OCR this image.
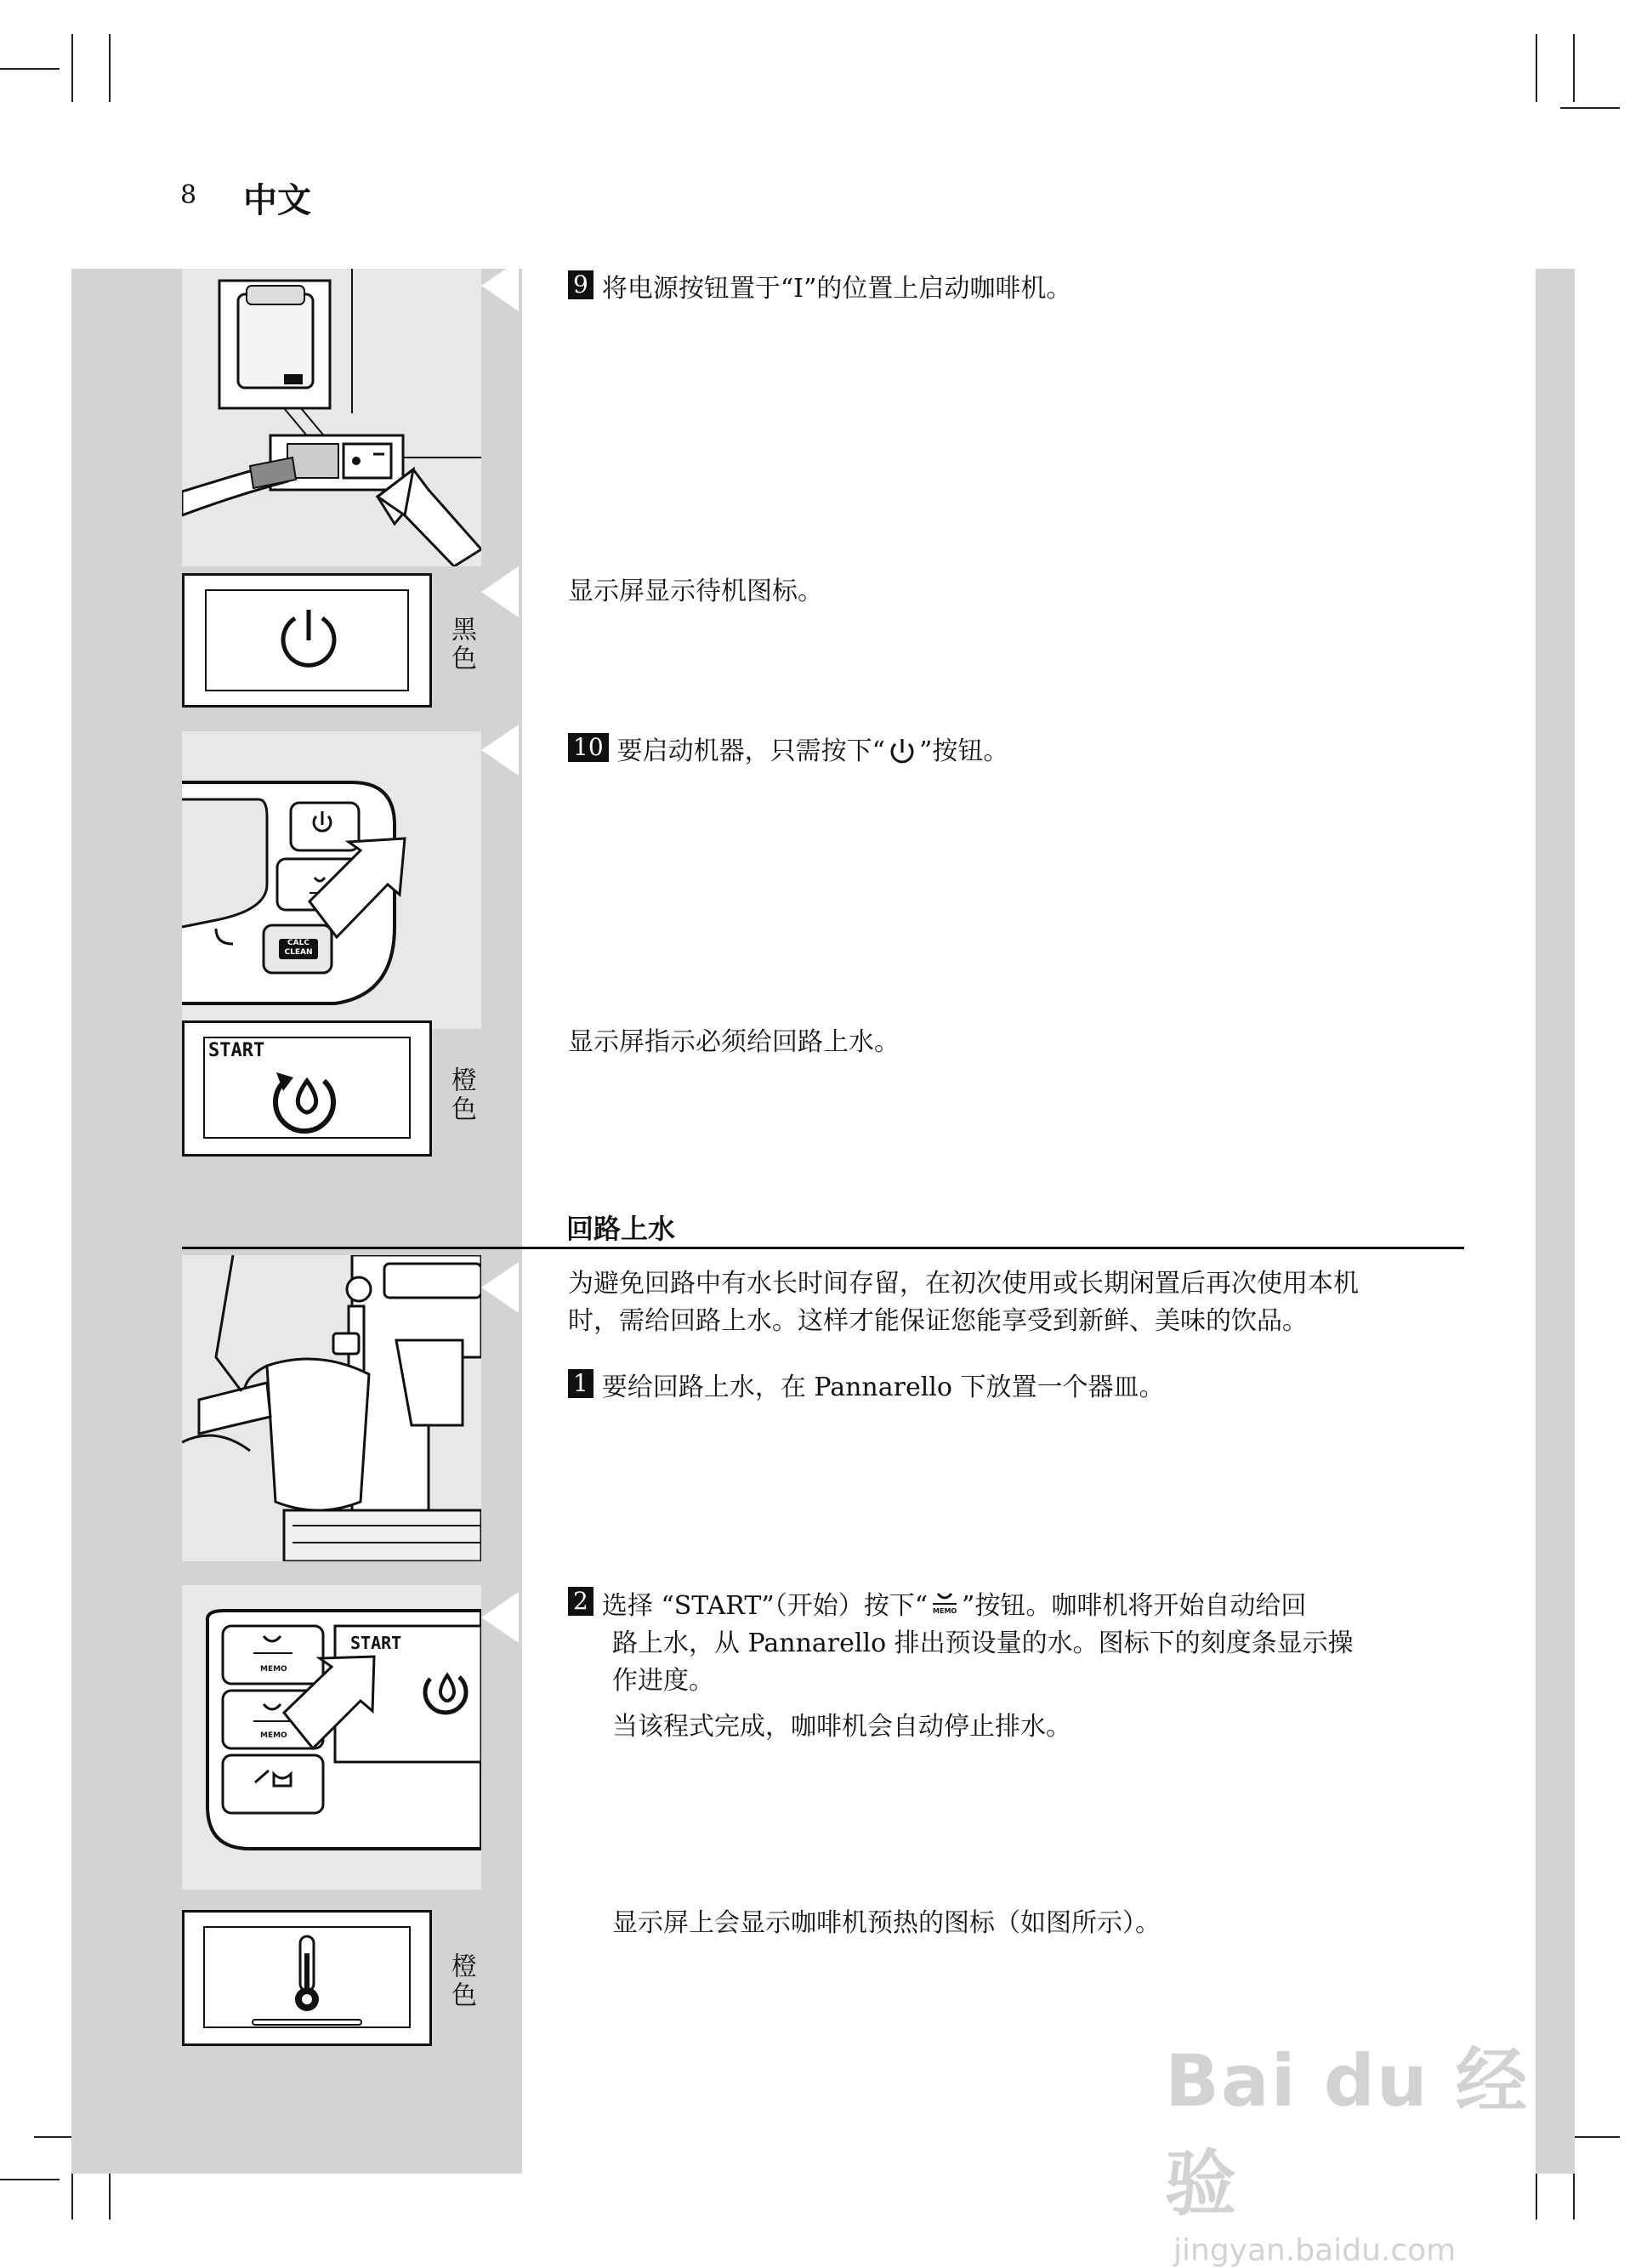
8 中文
黑色
CALC
CLEAN
START
橙色
回路上水
START
MEMO
MEMO
橙色
9 将电源按钮置于“I”的位置上启动咖啡机。
显示屏显示待机图标。
10 要启动机器，只需按下“ ”按钮。
显示屏指示必须给回路上水。
为避免回路中有水长时间存留，在初次使用或长期闲置后再次使用本机
时，需给回路上水。这样才能保证您能享受到新鲜、美味的饮品。
1 要给回路上水，在 Pannarello 下放置一个器皿。
2 选择 “START”（开始）按下“ MEMO ”按钮。咖啡机将开始自动给回
路上水，从 Pannarello 排出预设量的水。图标下的刻度条显示操
作进度。
当该程式完成，咖啡机会自动停止排水。
显示屏上会显示咖啡机预热的图标（如图所示）。
Bai du 经验
jingyan.baidu.com
